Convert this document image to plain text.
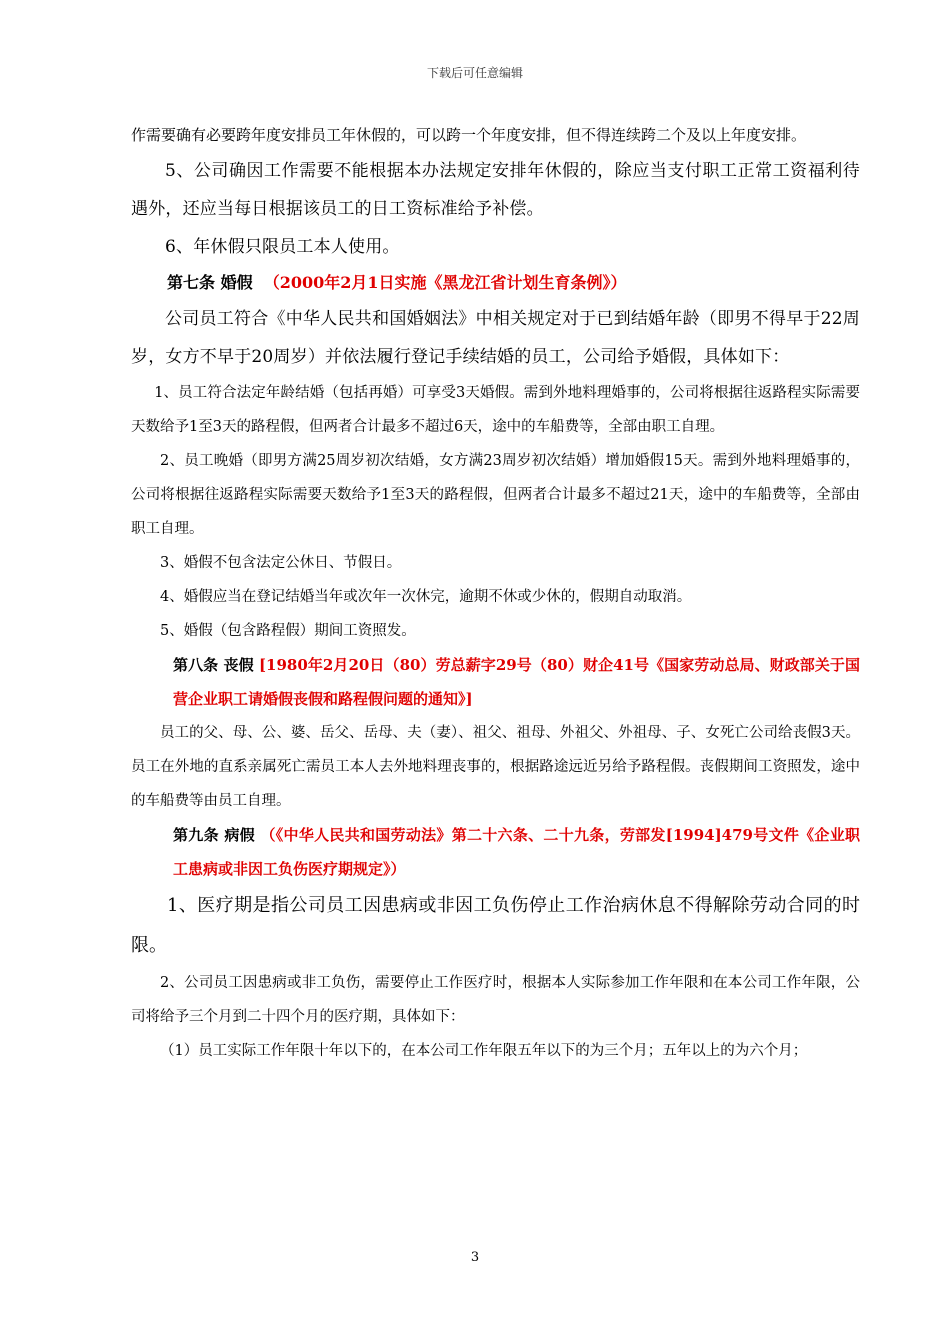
下载后可任意编辑

作需要确有必要跨年度安排员工年休假的，可以跨一个年度安排，但不得连续跨二个及以上年度安排。

5、公司确因工作需要不能根据本办法规定安排年休假的，除应当支付职工正常工资福利待遇外，还应当每日根据该员工的日工资标准给予补偿。

6、年休假只限员工本人使用。

第七条 婚假 （2000年2月1日实施《黑龙江省计划生育条例》）

公司员工符合《中华人民共和国婚姻法》中相关规定对于已到结婚年龄（即男不得早于22周岁，女方不早于20周岁）并依法履行登记手续结婚的员工，公司给予婚假，具体如下：

1、员工符合法定年龄结婚（包括再婚）可享受3天婚假。需到外地料理婚事的，公司将根据往返路程实际需要天数给予1至3天的路程假，但两者合计最多不超过6天，途中的车船费等，全部由职工自理。

2、员工晚婚（即男方满25周岁初次结婚，女方满23周岁初次结婚）增加婚假15天。需到外地料理婚事的，公司将根据往返路程实际需要天数给予1至3天的路程假，但两者合计最多不超过21天，途中的车船费等，全部由职工自理。

3、婚假不包含法定公休日、节假日。

4、婚假应当在登记结婚当年或次年一次休完，逾期不休或少休的，假期自动取消。

5、婚假（包含路程假）期间工资照发。

第八条 丧假 [1980年2月20日（80）劳总薪字29号（80）财企41号《国家劳动总局、财政部关于国营企业职工请婚假丧假和路程假问题的通知》]

员工的父、母、公、婆、岳父、岳母、夫（妻）、祖父、祖母、外祖父、外祖母、子、女死亡公司给丧假3天。员工在外地的直系亲属死亡需员工本人去外地料理丧事的，根据路途远近另给予路程假。丧假期间工资照发，途中的车船费等由员工自理。

第九条 病假 （《中华人民共和国劳动法》第二十六条、二十九条，劳部发[1994]479号文件《企业职工患病或非因工负伤医疗期规定》）

1、医疗期是指公司员工因患病或非因工负伤停止工作治病休息不得解除劳动合同的时限。

2、公司员工因患病或非工负伤，需要停止工作医疗时，根据本人实际参加工作年限和在本公司工作年限，公司将给予三个月到二十四个月的医疗期，具体如下：

（1）员工实际工作年限十年以下的，在本公司工作年限五年以下的为三个月；五年以上的为六个月；

3
